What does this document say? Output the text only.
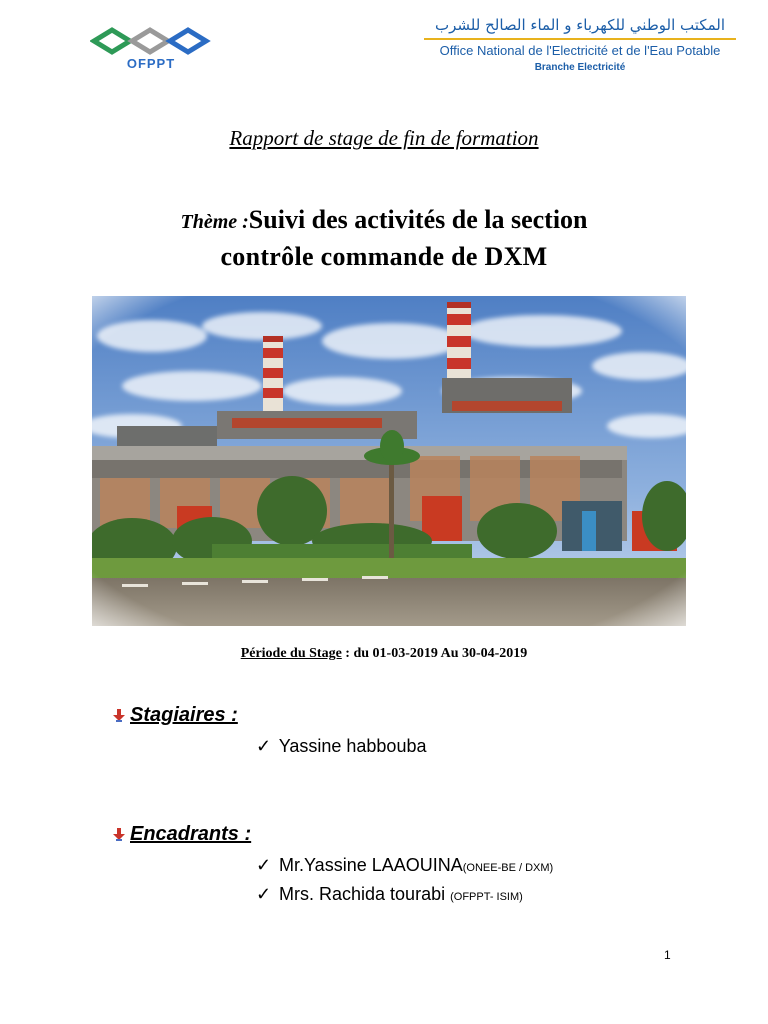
OFPPT
المكتب الوطني للكهرباء و الماء الصالح للشرب
Office National de l'Electricité et de l'Eau Potable
Branche Electricité
Rapport de stage de fin de formation
Thème :Suivi des activités de la section
contrôle commande de DXM
Période du Stage : du 01-03-2019 Au 30-04-2019
Stagiaires :
✓ Yassine habbouba
Encadrants :
✓ Mr.Yassine LAAOUINA(ONEE-BE / DXM)
✓ Mrs. Rachida tourabi (OFPPT- ISIM)
1
